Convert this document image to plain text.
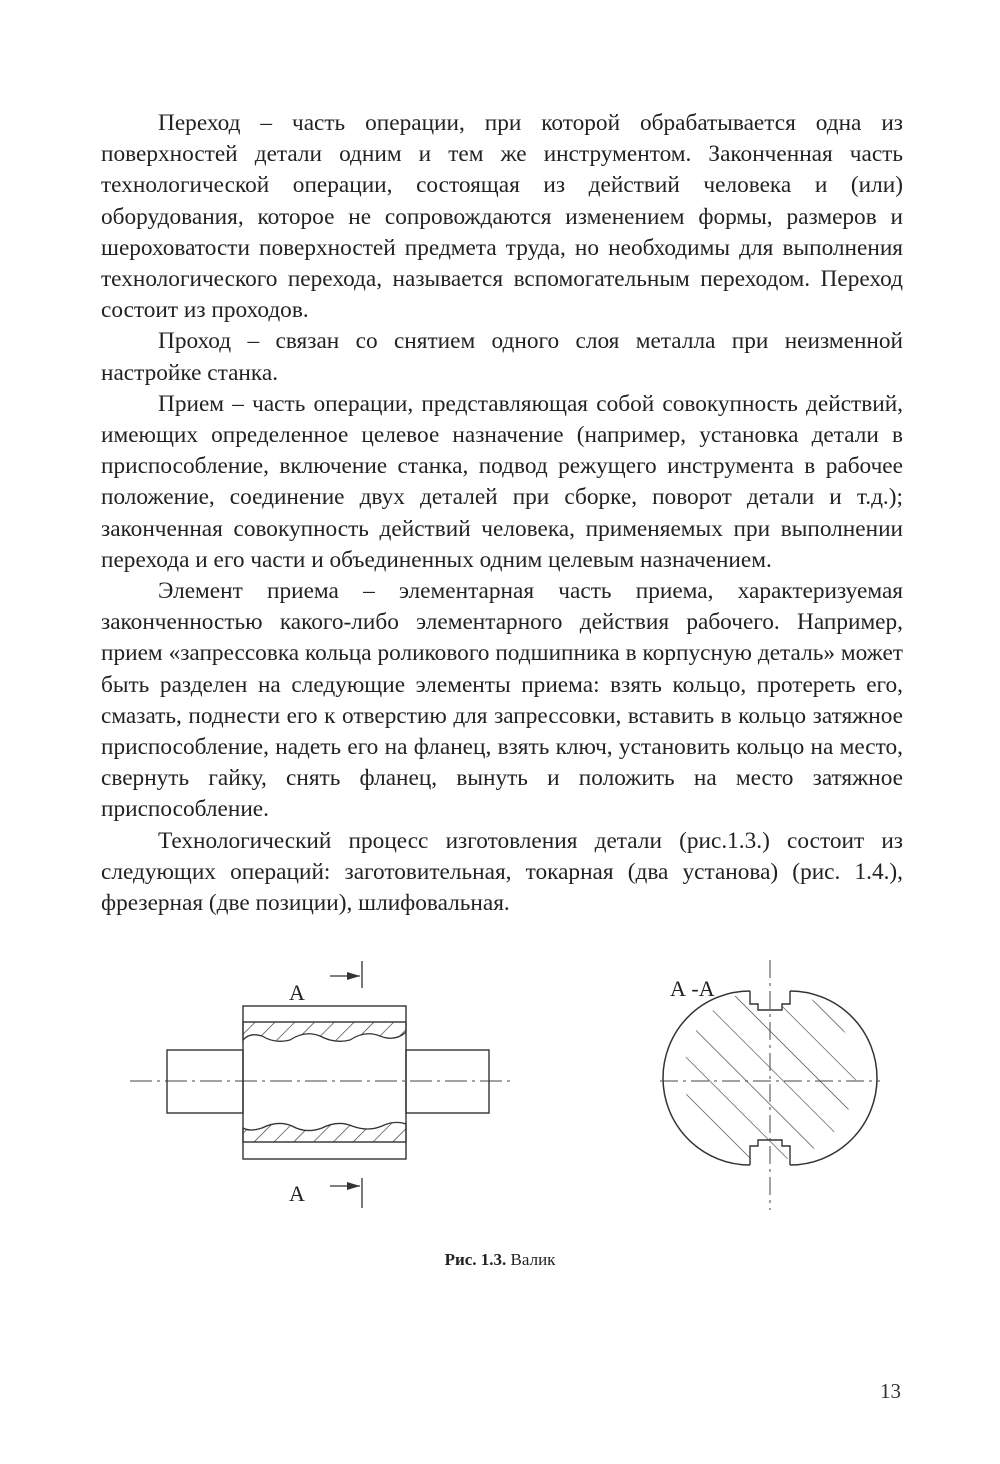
Переход – часть операции, при которой обрабатывается одна из поверхностей детали одним и тем же инструментом. Законченная часть технологической операции, состоящая из действий человека и (или) оборудования, которое не сопровождаются изменением формы, размеров и шероховатости поверхностей предмета труда, но необходимы для выполнения технологического перехода, называется вспомогательным переходом. Переход состоит из проходов.

Проход – связан со снятием одного слоя металла при неизменной настройке станка.

Прием – часть операции, представляющая собой совокупность действий, имеющих определенное целевое назначение (например, установка детали в приспособление, включение станка, подвод режущего инструмента в рабочее положение, соединение двух деталей при сборке, поворот детали и т.д.); законченная совокупность действий человека, применяемых при выполнении перехода и его части и объединенных одним целевым назначением.

Элемент приема – элементарная часть приема, характеризуемая законченностью какого-либо элементарного действия рабочего. Например, прием «запрессовка кольца роликового подшипника в корпусную деталь» может быть разделен на следующие элементы приема: взять кольцо, протереть его, смазать, поднести его к отверстию для запрессовки, вставить в кольцо затяжное приспособление, надеть его на фланец, взять ключ, установить кольцо на место, свернуть гайку, снять фланец, вынуть и положить на место затяжное приспособление.

Технологический процесс изготовления детали (рис.1.3.) состоит из следующих операций: заготовительная, токарная (два установа) (рис. 1.4.), фрезерная (две позиции), шлифовальная.

А
А
А -А
Рис. 1.3. Валик
13
